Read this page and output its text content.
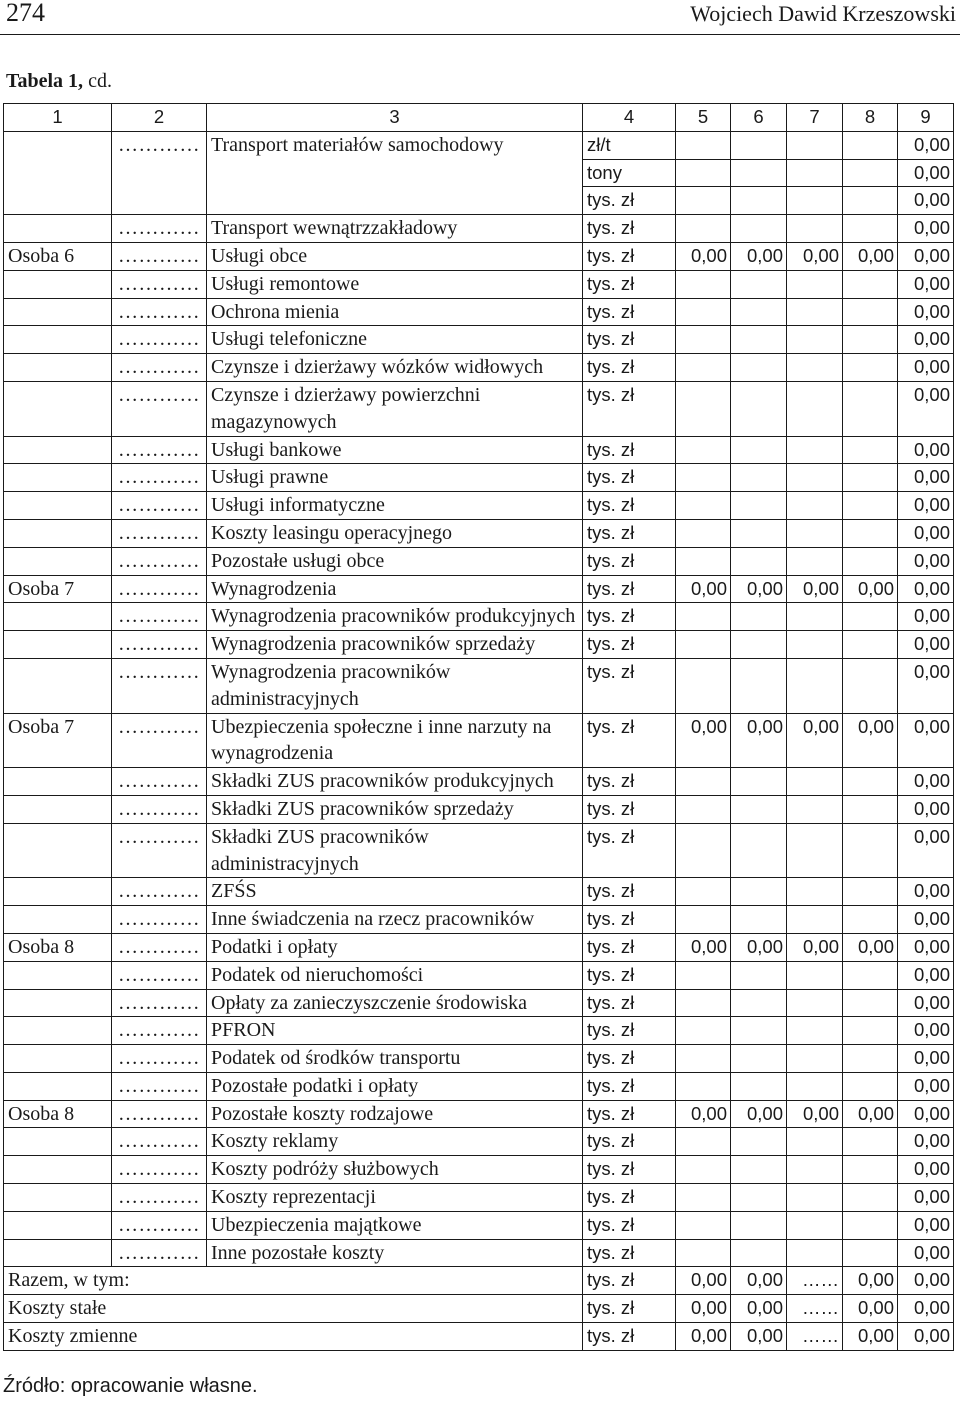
274	Wojciech Dawid Krzeszowski
Tabela 1, cd.
1	2	3	4	5	6	7	8	9
	…………	Transport materiałów samochodowy	zł/t					0,00
			tony					0,00
			tys. zł					0,00
	…………	Transport wewnątrzzakładowy	tys. zł					0,00
Osoba 6	…………	Usługi obce	tys. zł	0,00	0,00	0,00	0,00	0,00
	…………	Usługi remontowe	tys. zł					0,00
	…………	Ochrona mienia	tys. zł					0,00
	…………	Usługi telefoniczne	tys. zł					0,00
	…………	Czynsze i dzierżawy wózków widłowych	tys. zł					0,00
	…………	Czynsze i dzierżawy powierzchni magazynowych	tys. zł					0,00
	…………	Usługi bankowe	tys. zł					0,00
	…………	Usługi prawne	tys. zł					0,00
	…………	Usługi informatyczne	tys. zł					0,00
	…………	Koszty leasingu operacyjnego	tys. zł					0,00
	…………	Pozostałe usługi obce	tys. zł					0,00
Osoba 7	…………	Wynagrodzenia	tys. zł	0,00	0,00	0,00	0,00	0,00
	…………	Wynagrodzenia pracowników produkcyjnych	tys. zł					0,00
	…………	Wynagrodzenia pracowników sprzedaży	tys. zł					0,00
	…………	Wynagrodzenia pracowników administracyjnych	tys. zł					0,00
Osoba 7	…………	Ubezpieczenia społeczne i inne narzuty na wynagrodzenia	tys. zł	0,00	0,00	0,00	0,00	0,00
	…………	Składki ZUS pracowników produkcyjnych	tys. zł					0,00
	…………	Składki ZUS pracowników sprzedaży	tys. zł					0,00
	…………	Składki ZUS pracowników administracyjnych	tys. zł					0,00
	…………	ZFŚS	tys. zł					0,00
	…………	Inne świadczenia na rzecz pracowników	tys. zł					0,00
Osoba 8	…………	Podatki i opłaty	tys. zł	0,00	0,00	0,00	0,00	0,00
	…………	Podatek od nieruchomości	tys. zł					0,00
	…………	Opłaty za zanieczyszczenie środowiska	tys. zł					0,00
	…………	PFRON	tys. zł					0,00
	…………	Podatek od środków transportu	tys. zł					0,00
	…………	Pozostałe podatki i opłaty	tys. zł					0,00
Osoba 8	…………	Pozostałe koszty rodzajowe	tys. zł	0,00	0,00	0,00	0,00	0,00
	…………	Koszty reklamy	tys. zł					0,00
	…………	Koszty podróży służbowych	tys. zł					0,00
	…………	Koszty reprezentacji	tys. zł					0,00
	…………	Ubezpieczenia majątkowe	tys. zł					0,00
	…………	Inne pozostałe koszty	tys. zł					0,00
Razem, w tym:			tys. zł	0,00	0,00	……	0,00	0,00
Koszty stałe			tys. zł	0,00	0,00	……	0,00	0,00
Koszty zmienne			tys. zł	0,00	0,00	……	0,00	0,00
Źródło: opracowanie własne.
